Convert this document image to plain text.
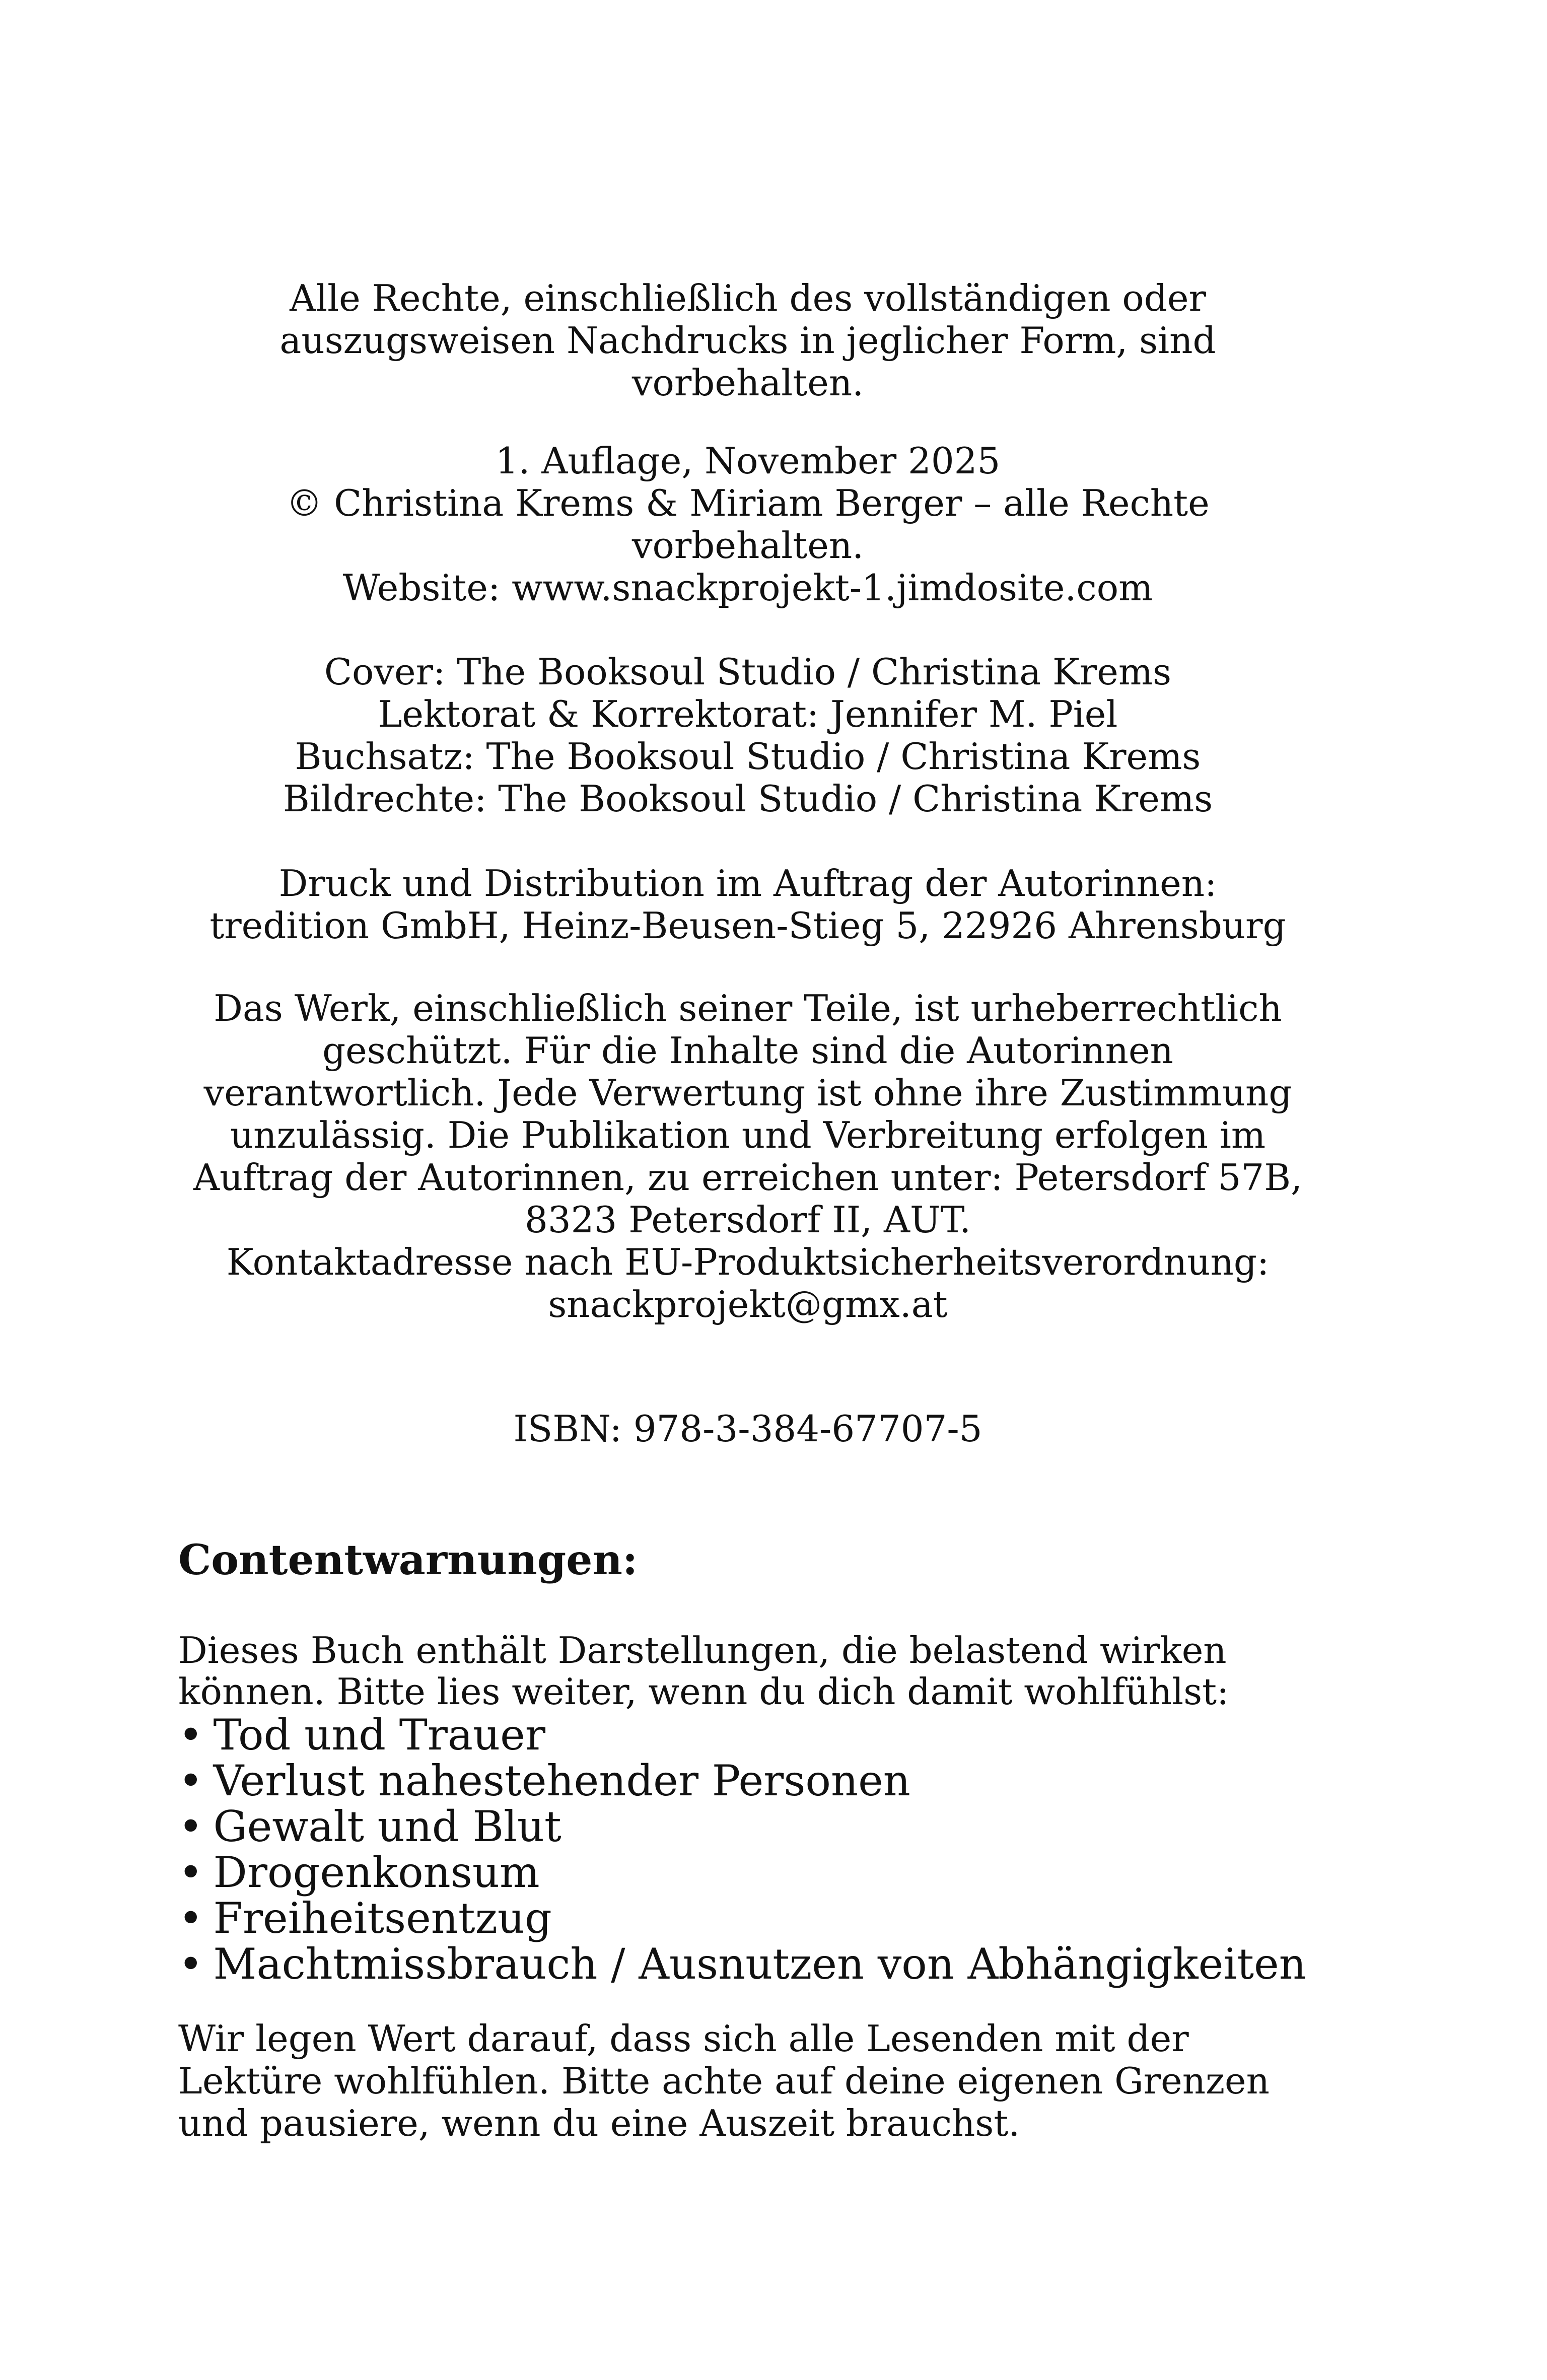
Alle Rechte, einschließlich des vollständigen oder
auszugsweisen Nachdrucks in jeglicher Form, sind
vorbehalten.
1. Auflage, November 2025
© Christina Krems & Miriam Berger – alle Rechte
vorbehalten.
Website: www.snackprojekt-1.jimdosite.com
Cover: The Booksoul Studio / Christina Krems
Lektorat & Korrektorat: Jennifer M. Piel
Buchsatz: The Booksoul Studio / Christina Krems
Bildrechte: The Booksoul Studio / Christina Krems
Druck und Distribution im Auftrag der Autorinnen:
tredition GmbH, Heinz-Beusen-Stieg 5, 22926 Ahrensburg
Das Werk, einschließlich seiner Teile, ist urheberrechtlich
geschützt. Für die Inhalte sind die Autorinnen
verantwortlich. Jede Verwertung ist ohne ihre Zustimmung
unzulässig. Die Publikation und Verbreitung erfolgen im
Auftrag der Autorinnen, zu erreichen unter: Petersdorf 57B,
8323 Petersdorf II, AUT.
Kontaktadresse nach EU-Produktsicherheitsverordnung:
snackprojekt@gmx.at
ISBN: 978-3-384-67707-5
Contentwarnungen:

Dieses Buch enthält Darstellungen, die belastend wirken
können. Bitte lies weiter, wenn du dich damit wohlfühlst:

• Tod und Trauer
• Verlust nahestehender Personen
• Gewalt und Blut
• Drogenkonsum
• Freiheitsentzug
• Machtmissbrauch / Ausnutzen von Abhängigkeiten

Wir legen Wert darauf, dass sich alle Lesenden mit der
Lektüre wohlfühlen. Bitte achte auf deine eigenen Grenzen
und pausiere, wenn du eine Auszeit brauchst.
